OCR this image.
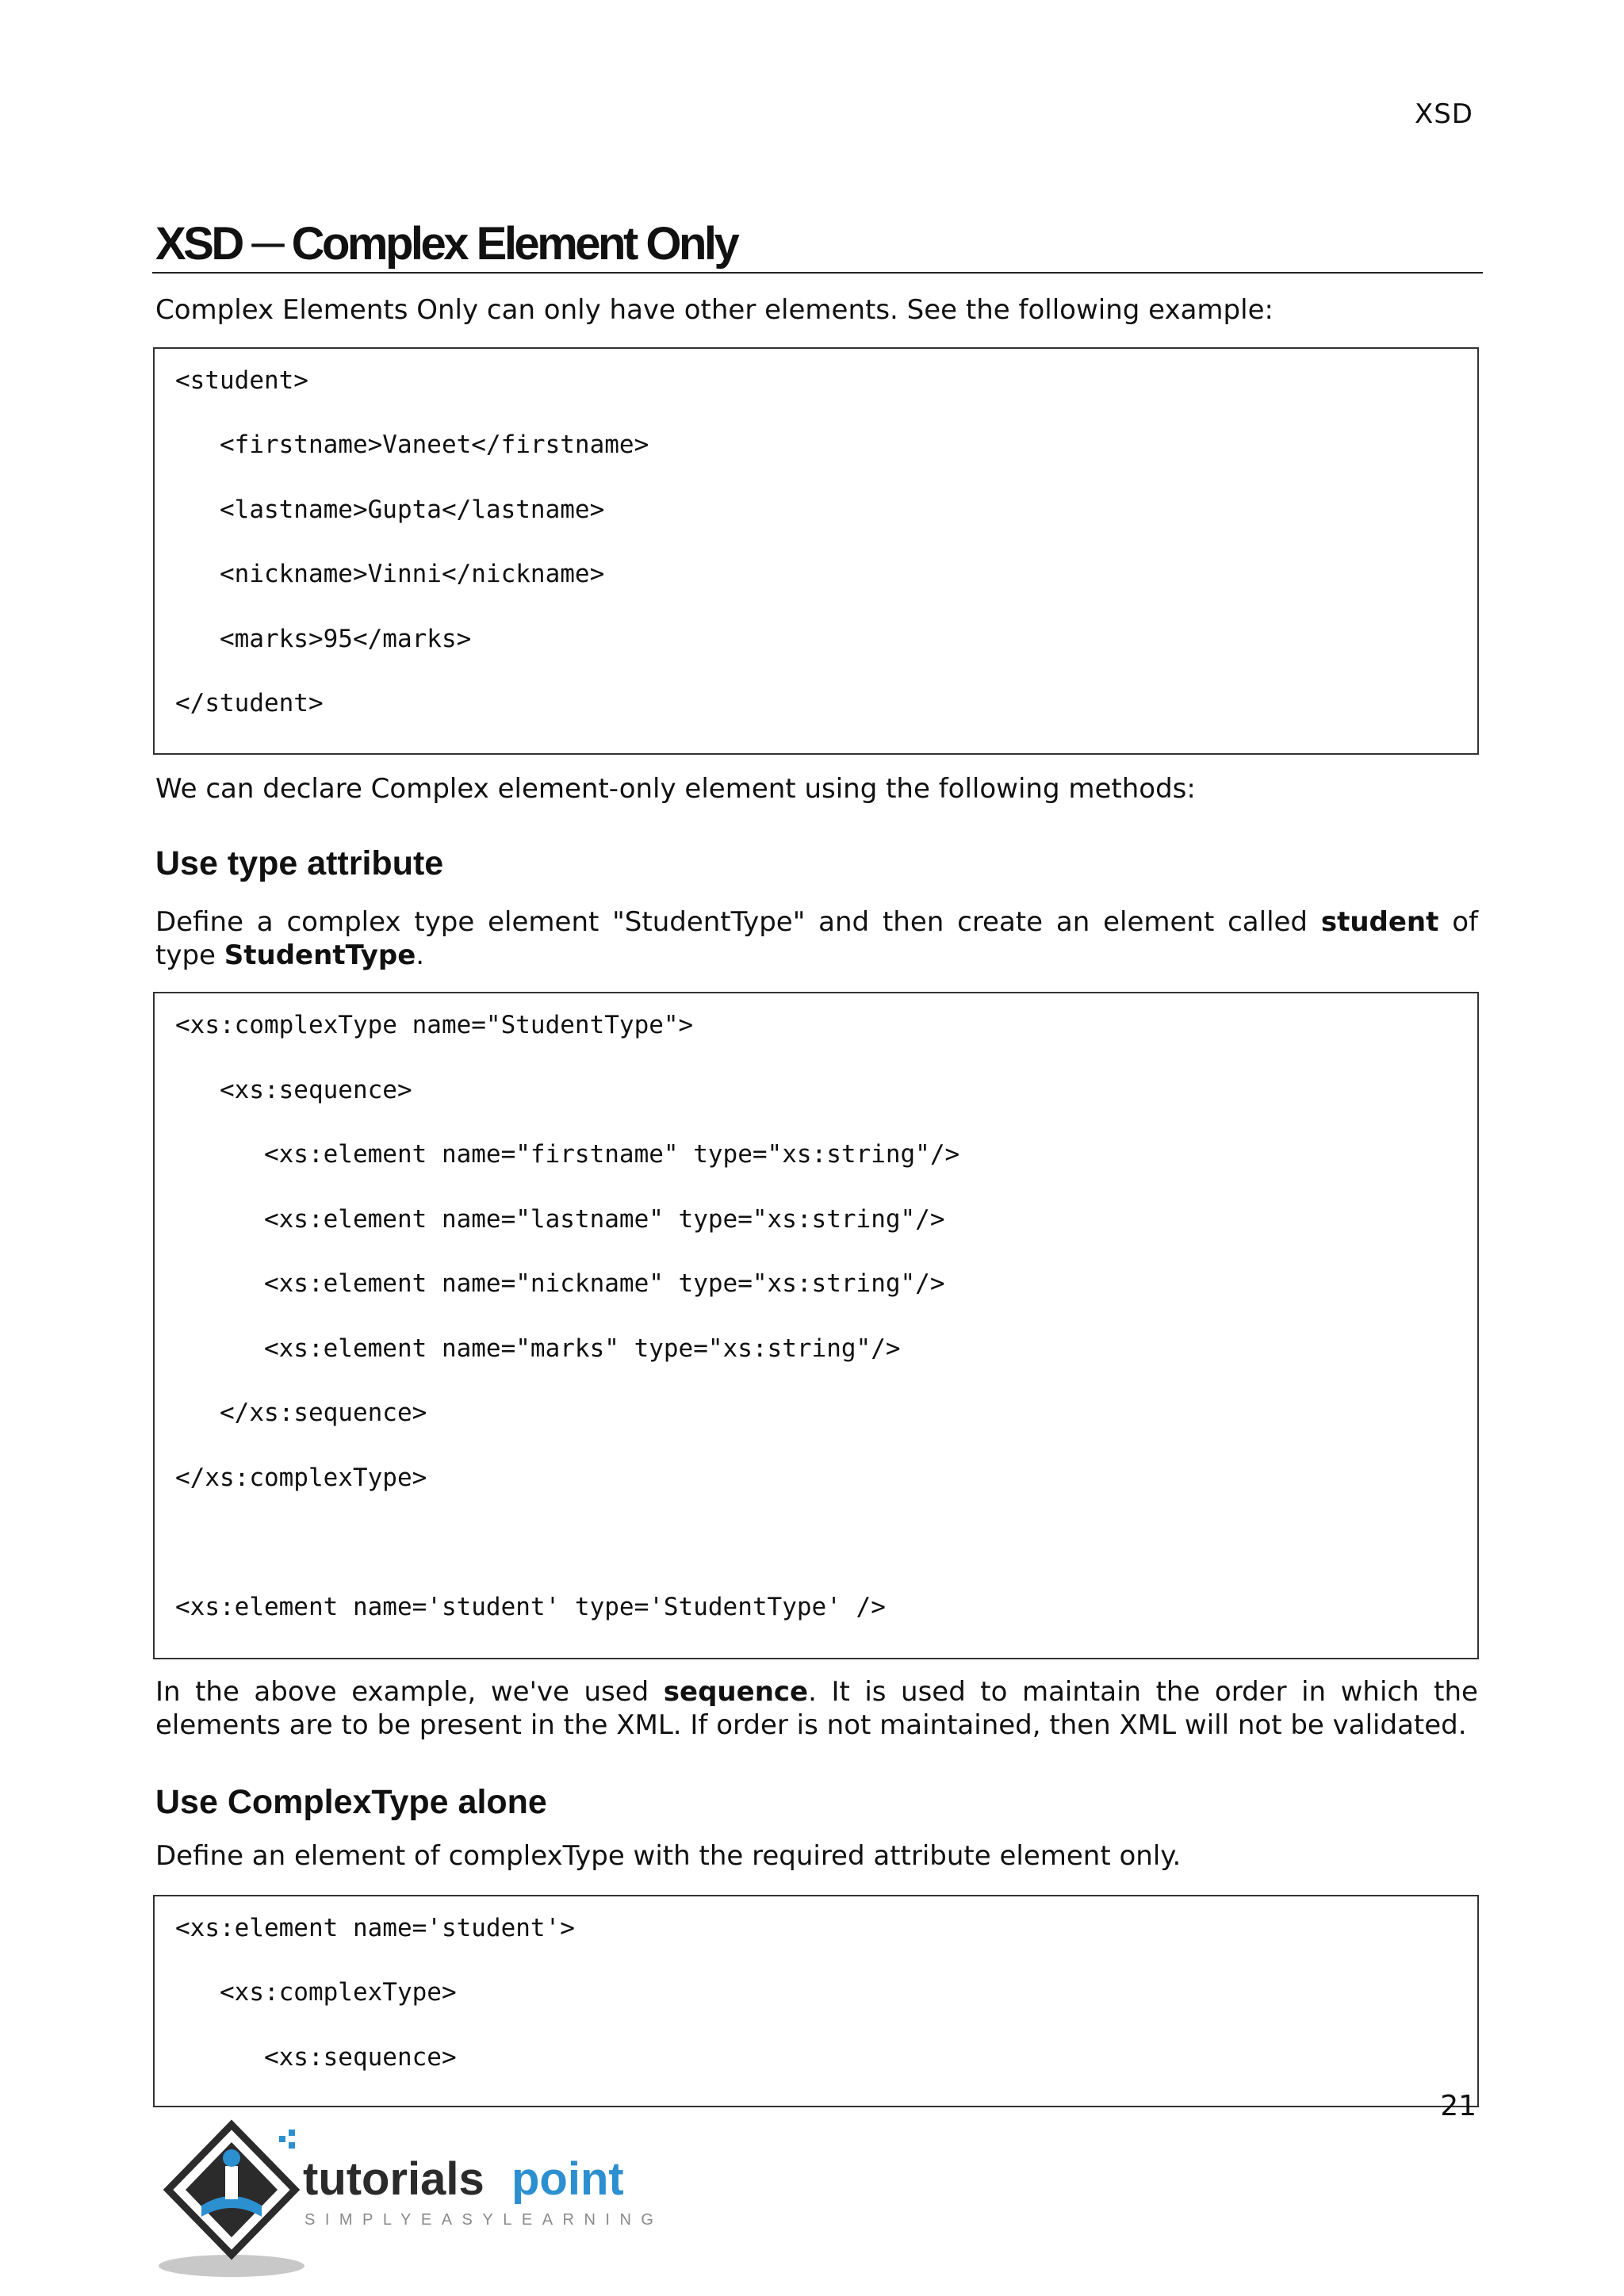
XSD
XSD ─ Complex Element Only

Complex Elements Only can only have other elements. See the following example:

<student>
<firstname>Vaneet</firstname>
<lastname>Gupta</lastname>
<nickname>Vinni</nickname>
<marks>95</marks>
</student>

We can declare Complex element-only element using the following methods:

Use type attribute

Define a complex type element "StudentType" and then create an element called student of type StudentType.

<xs:complexType name="StudentType">
<xs:sequence>
<xs:element name="firstname" type="xs:string"/>
<xs:element name="lastname" type="xs:string"/>
<xs:element name="nickname" type="xs:string"/>
<xs:element name="marks" type="xs:string"/>
</xs:sequence>
</xs:complexType>
<xs:element name='student' type='StudentType' />

In the above example, we've used sequence. It is used to maintain the order in which the elements are to be present in the XML. If order is not maintained, then XML will not be validated.

Use ComplexType alone

Define an element of complexType with the required attribute element only.

<xs:element name='student'>
<xs:complexType>
<xs:sequence>
21
tutorials point
SIMPLYEASYLEARNING
